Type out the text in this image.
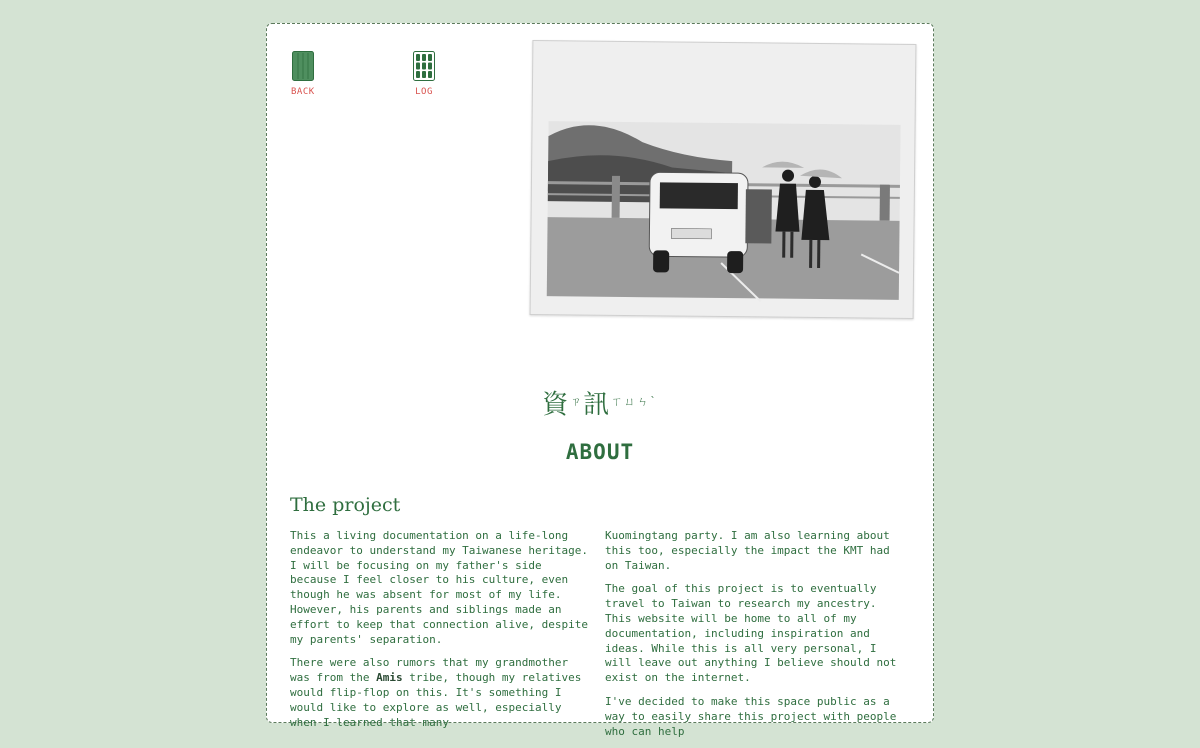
BACK	LOG
資$^ㄗ$訊$^{ㄒㄩㄣˋ}$
ABOUT
The project

This a living documentation on a life-long endeavor to understand my Taiwanese heritage. I will be focusing on my father's side because I feel closer to his culture, even though he was absent for most of my life. However, his parents and siblings made an effort to keep that connection alive, despite my parents' separation.

There were also rumors that my grandmother was from the Amis tribe, though my relatives would flip-flop on this. It's something I would like to explore as well, especially when I learned that many

Kuomingtang party. I am also learning about this too, especially the impact the KMT had on Taiwan.

The goal of this project is to eventually travel to Taiwan to research my ancestry. This website will be home to all of my documentation, including inspiration and ideas. While this is all very personal, I will leave out anything I believe should not exist on the internet.

I've decided to make this space public as a way to easily share this project with people who can help
